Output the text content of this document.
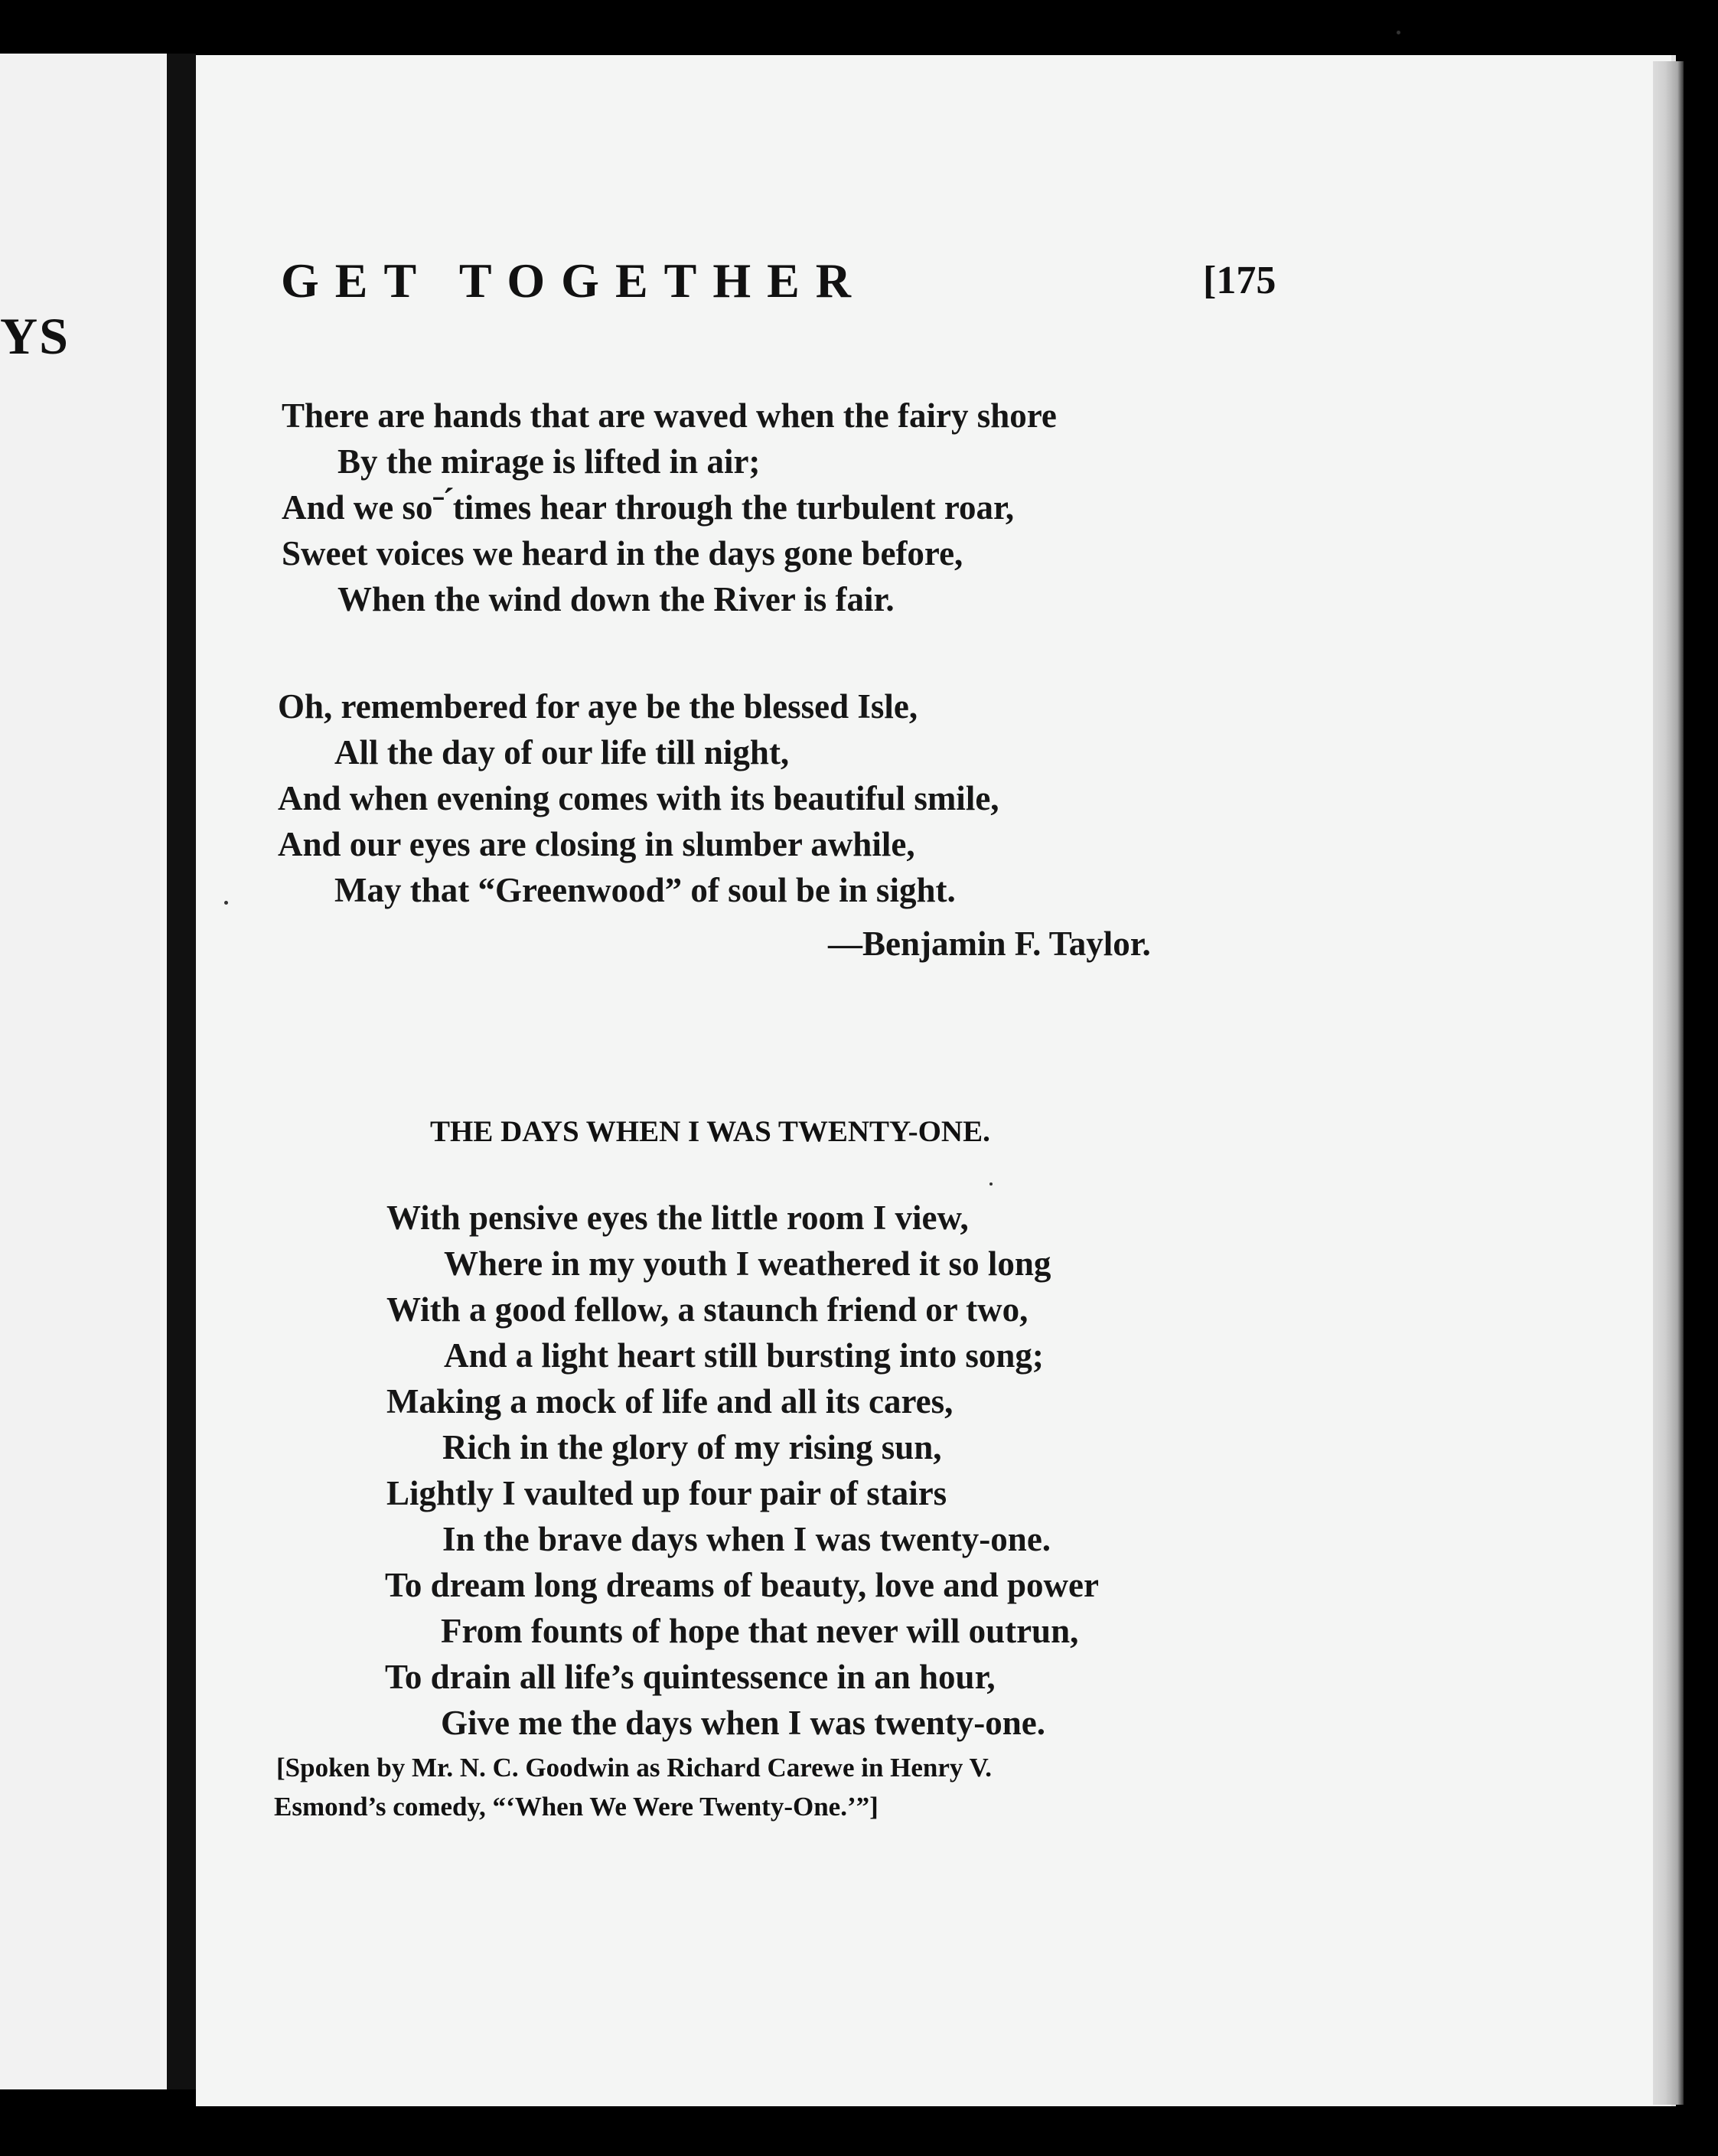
YS
GET TOGETHER	[175
There are hands that are waved when the fairy shore
By the mirage is lifted in air;
And we soˉ ́times hear through the turbulent roar,
Sweet voices we heard in the days gone before,
When the wind down the River is fair.
Oh, remembered for aye be the blessed Isle,
All the day of our life till night,
And when evening comes with its beautiful smile,
And our eyes are closing in slumber awhile,
May that “Greenwood” of soul be in sight.
—Benjamin F. Taylor.
THE DAYS WHEN I WAS TWENTY-ONE.
With pensive eyes the little room I view,
Where in my youth I weathered it so long
With a good fellow, a staunch friend or two,
And a light heart still bursting into song;
Making a mock of life and all its cares,
Rich in the glory of my rising sun,
Lightly I vaulted up four pair of stairs
In the brave days when I was twenty-one.
To dream long dreams of beauty, love and power
From founts of hope that never will outrun,
To drain all life’s quintessence in an hour,
Give me the days when I was twenty-one.
[Spoken by Mr. N. C. Goodwin as Richard Carewe in Henry V.
Esmond’s comedy, “‘When We Were Twenty-One.’”]
